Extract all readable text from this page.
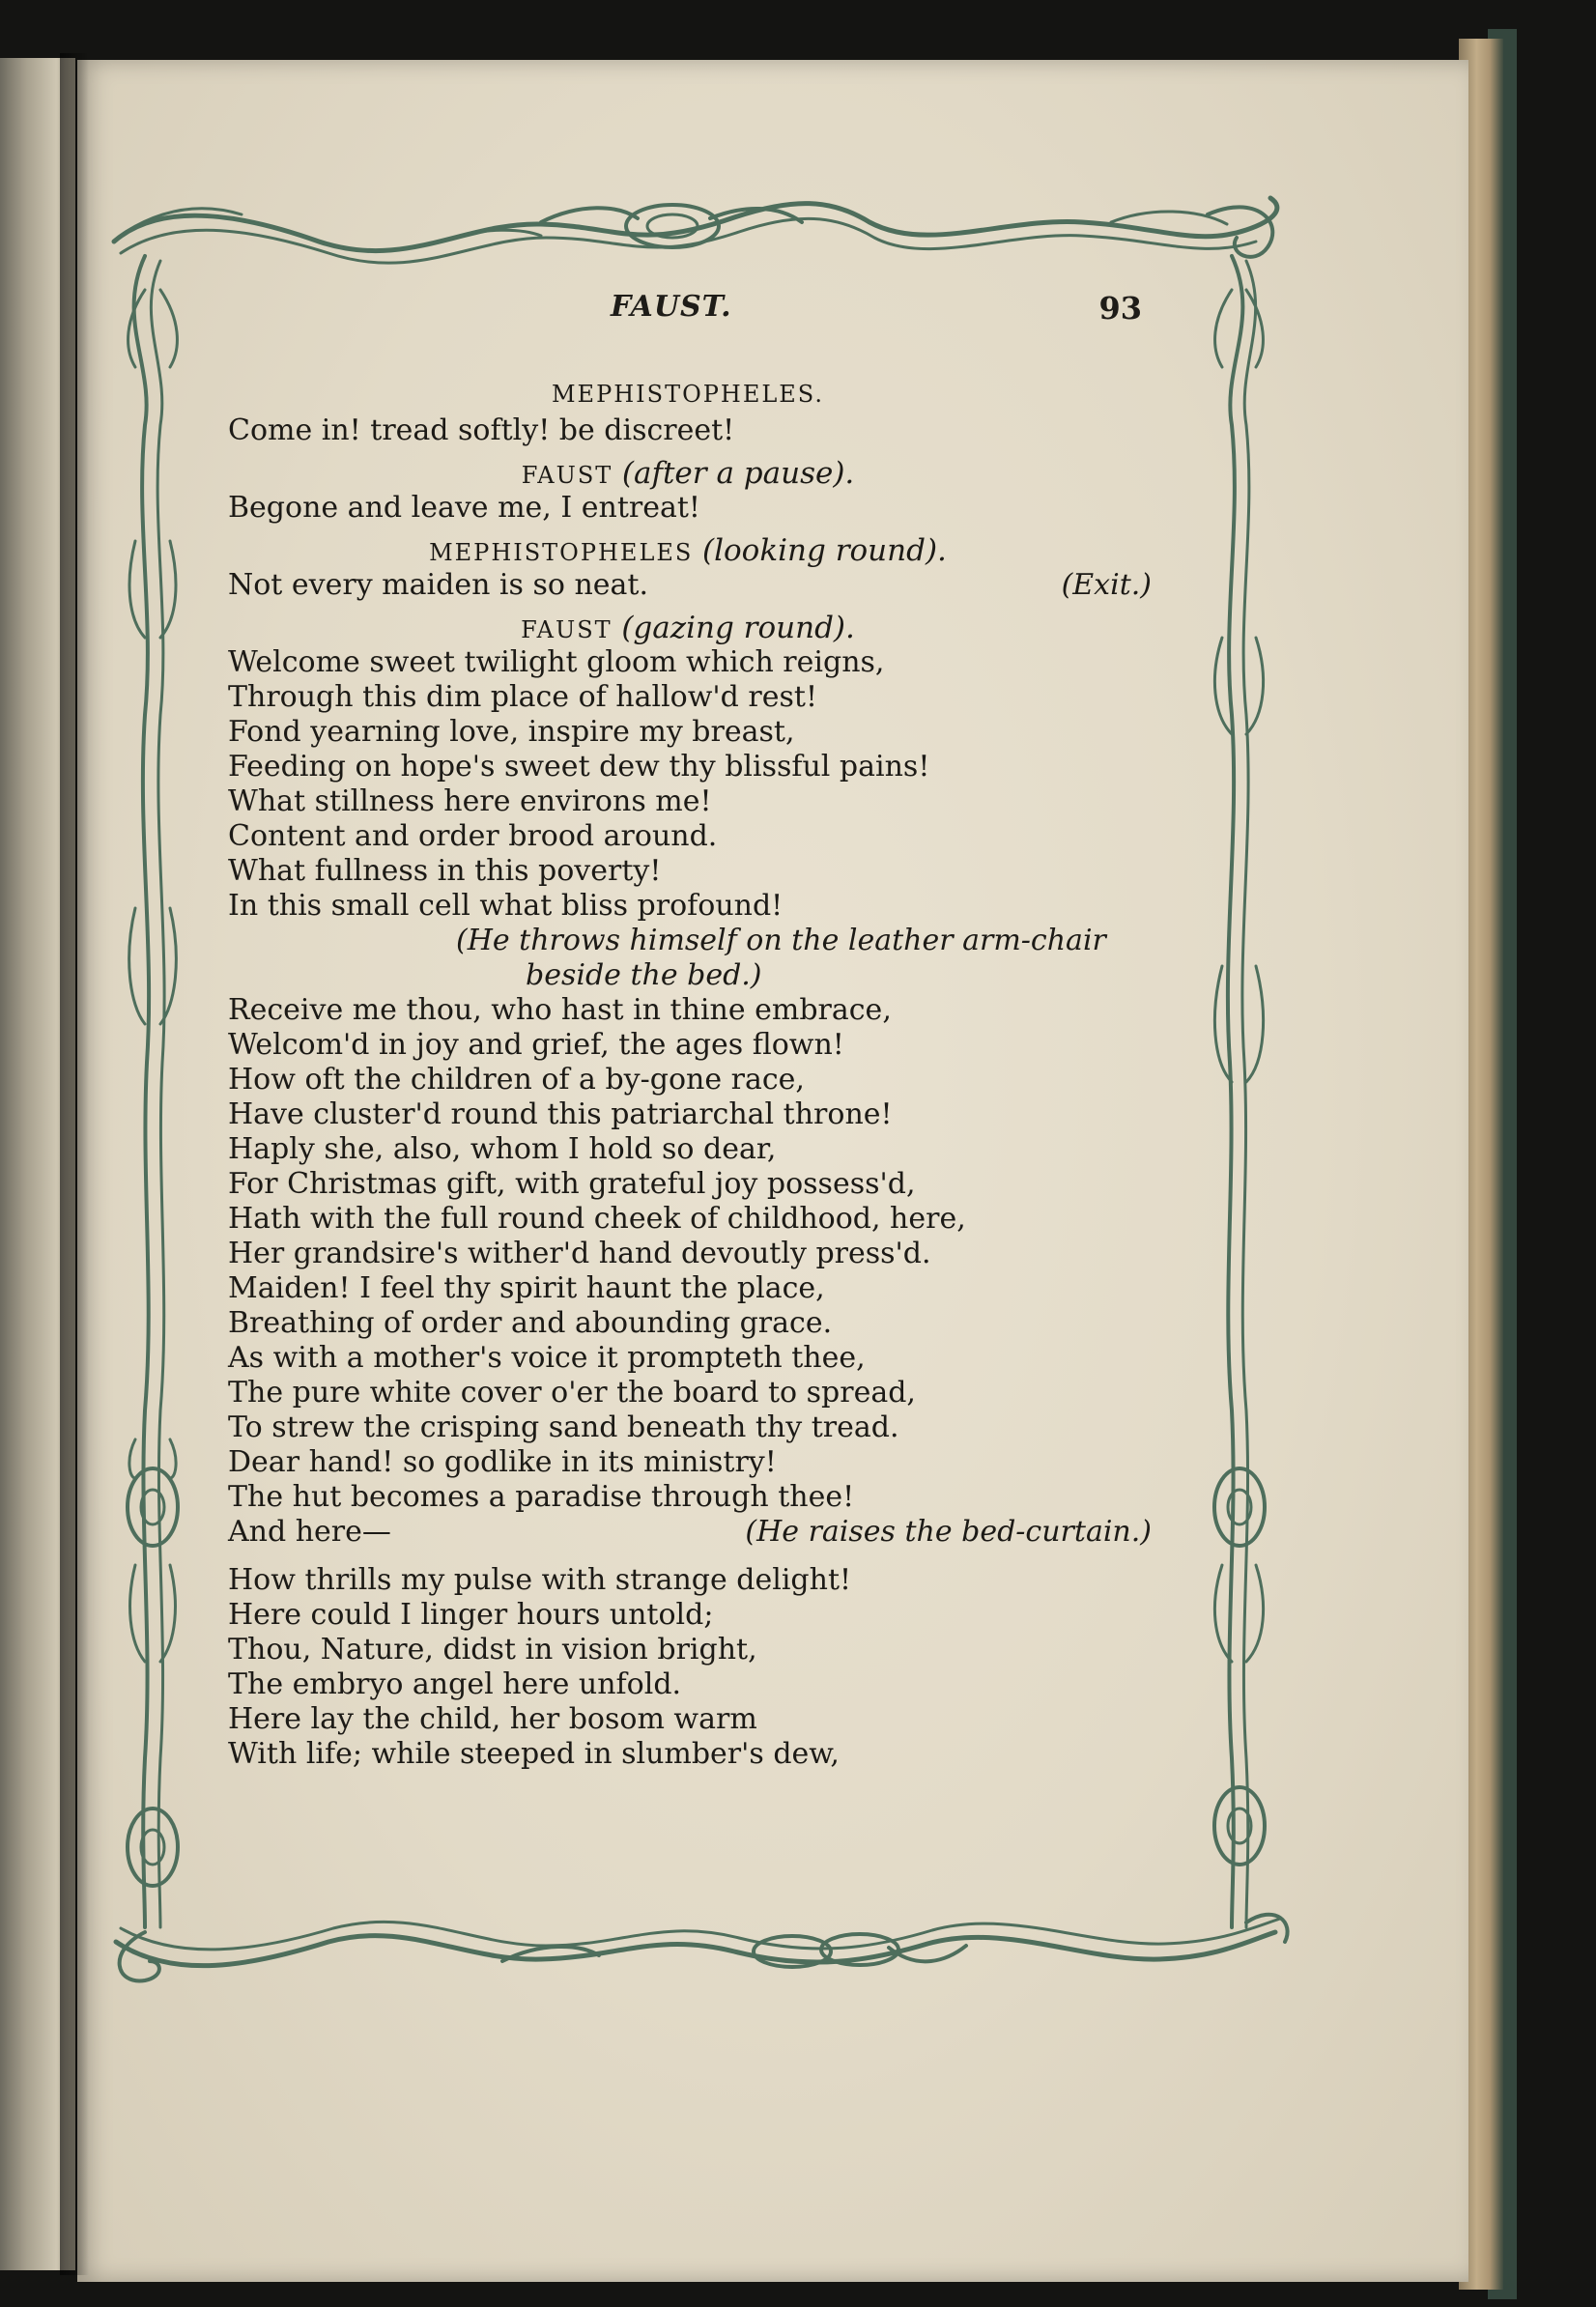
FAUST.	93
MEPHISTOPHELES.
Come in! tread softly! be discreet!
FAUST (after a pause).
Begone and leave me, I entreat!
MEPHISTOPHELES (looking round).
Not every maiden is so neat.	(Exit.)
FAUST (gazing round).
Welcome sweet twilight gloom which reigns,
Through this dim place of hallow'd rest!
Fond yearning love, inspire my breast,
Feeding on hope's sweet dew thy blissful pains!
What stillness here environs me!
Content and order brood around.
What fullness in this poverty!
In this small cell what bliss profound!
(He throws himself on the leather arm-chair
beside the bed.)
Receive me thou, who hast in thine embrace,
Welcom'd in joy and grief, the ages flown!
How oft the children of a by-gone race,
Have cluster'd round this patriarchal throne!
Haply she, also, whom I hold so dear,
For Christmas gift, with grateful joy possess'd,
Hath with the full round cheek of childhood, here,
Her grandsire's wither'd hand devoutly press'd.
Maiden! I feel thy spirit haunt the place,
Breathing of order and abounding grace.
As with a mother's voice it prompteth thee,
The pure white cover o'er the board to spread,
To strew the crisping sand beneath thy tread.
Dear hand! so godlike in its ministry!
The hut becomes a paradise through thee!
And here—	(He raises the bed-curtain.)
How thrills my pulse with strange delight!
Here could I linger hours untold;
Thou, Nature, didst in vision bright,
The embryo angel here unfold.
Here lay the child, her bosom warm
With life; while steeped in slumber's dew,
